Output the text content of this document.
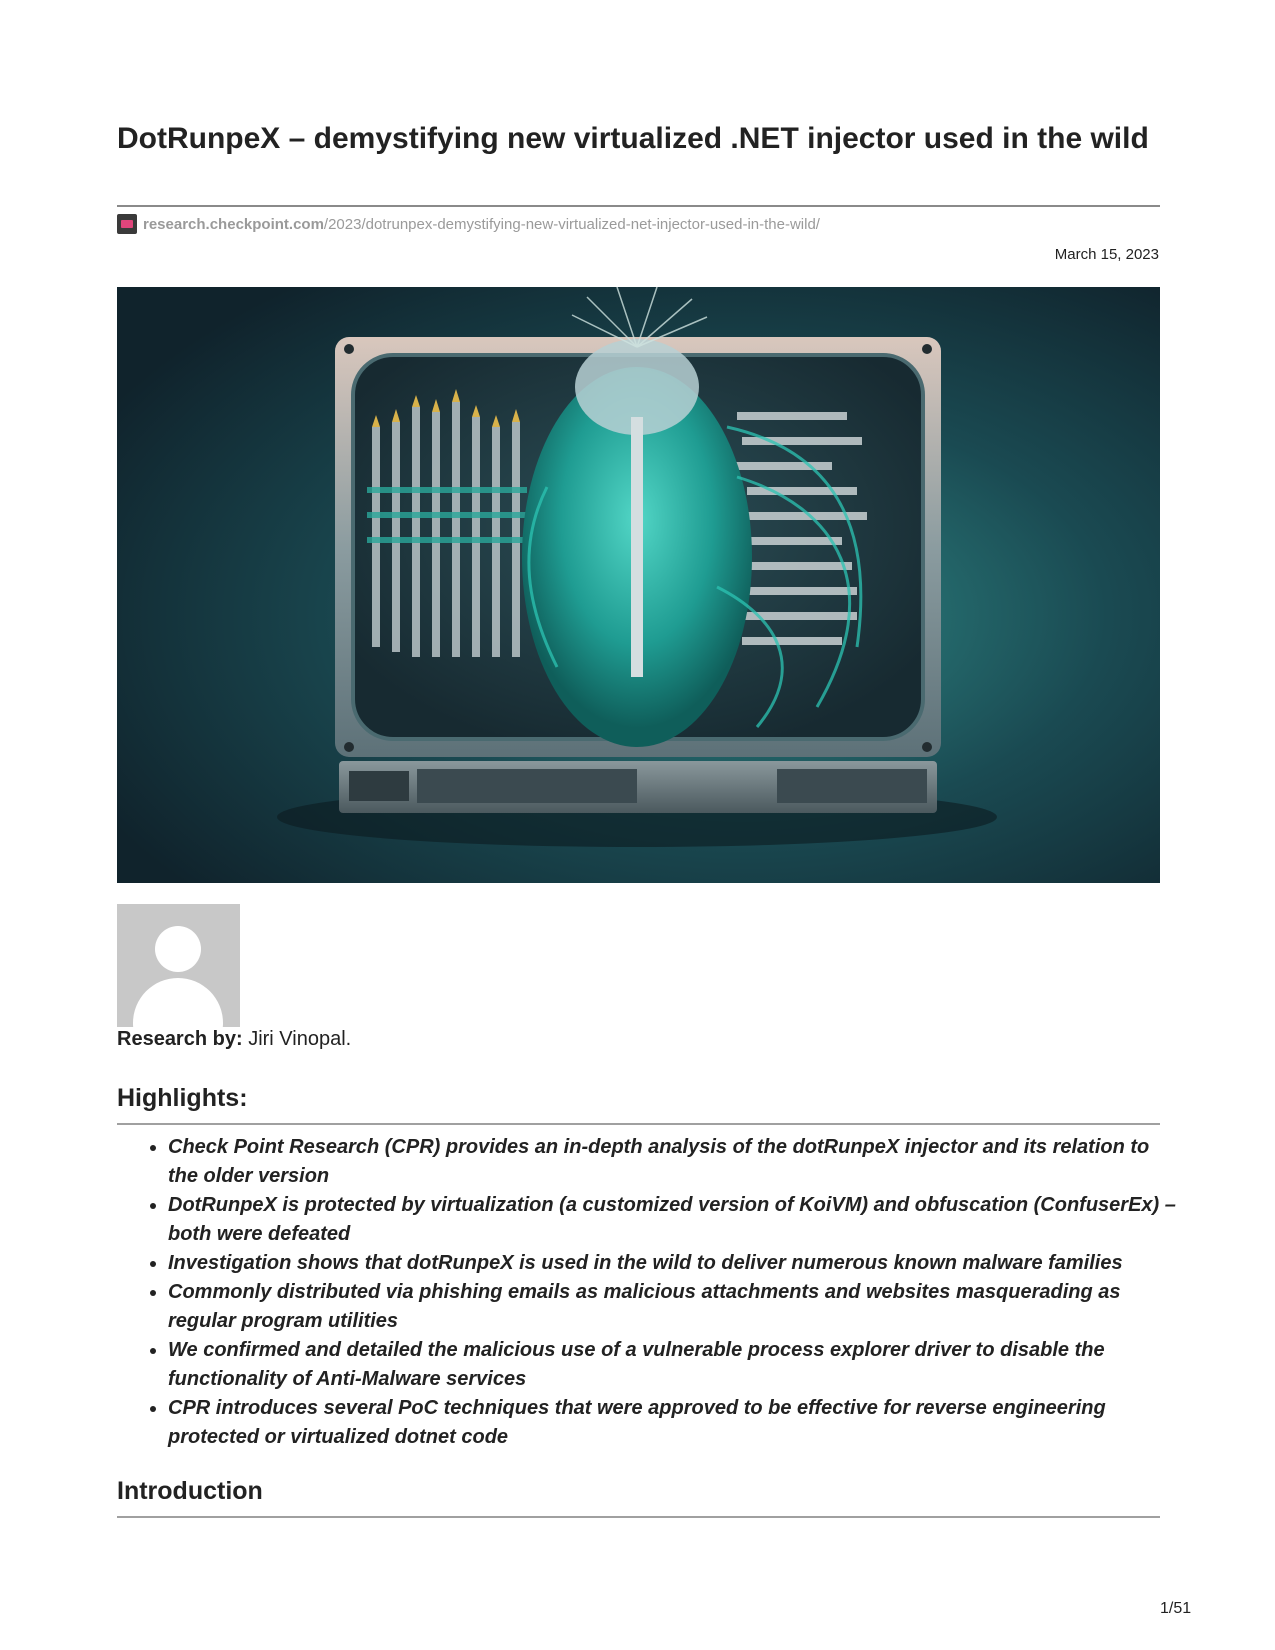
DotRunpeX – demystifying new virtualized .NET injector used in the wild
research.checkpoint.com /2023/dotrunpex-demystifying-new-virtualized-net-injector-used-in-the-wild/
March 15, 2023
Research by: Jiri Vinopal.
Highlights:
• Check Point Research (CPR) provides an in-depth analysis of the dotRunpeX injector and its relation to the older version
• DotRunpeX is protected by virtualization (a customized version of KoiVM) and obfuscation (ConfuserEx) – both were defeated
• Investigation shows that dotRunpeX is used in the wild to deliver numerous known malware families
• Commonly distributed via phishing emails as malicious attachments and websites masquerading as regular program utilities
• We confirmed and detailed the malicious use of a vulnerable process explorer driver to disable the functionality of Anti-Malware services
• CPR introduces several PoC techniques that were approved to be effective for reverse engineering protected or virtualized dotnet code
Introduction
1/51
